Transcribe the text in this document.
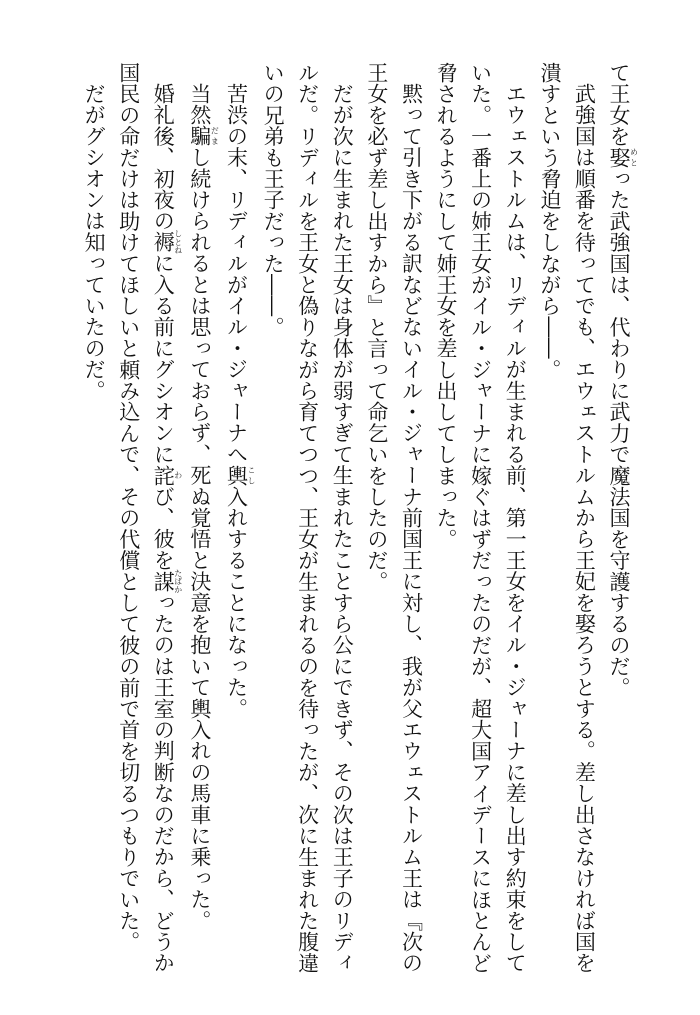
て王女を娶めとった武強国は、代わりに武力で魔法国を守護するのだ。

武強国は順番を待ってでも、エウェストルムから王妃を娶ろうとする。差し出さなければ国を潰すという脅迫をしながら――。

エウェストルムは、リディルが生まれる前、第一王女をイル・ジャーナに差し出す約束をしていた。一番上の姉王女がイル・ジャーナに嫁ぐはずだったのだが、超大国アイデースにほとんど脅されるようにして姉王女を差し出してしまった。

黙って引き下がる訳などないイル・ジャーナ前国王に対し、我が父エウェストルム王は『次の王女を必ず差し出すから』と言って命乞いをしたのだ。

だが次に生まれた王女は身体が弱すぎて生まれたことすら公にできず、その次は王子のリディルだ。リディルを王女と偽りながら育てつつ、王女が生まれるのを待ったが、次に生まれた腹違いの兄弟も王子だった――。

苦渋の末、リディルがイル・ジャーナへ輿こし入れすることになった。

当然騙だまし続けられるとは思っておらず、死ぬ覚悟と決意を抱いて輿入れの馬車に乗った。

婚礼後、初夜の褥しとねに入る前にグシオンに詫わび、彼を謀たばかったのは王室の判断なのだから、どうか国民の命だけは助けてほしいと頼み込んで、その代償として彼の前で首を切るつもりでいた。

だがグシオンは知っていたのだ。
